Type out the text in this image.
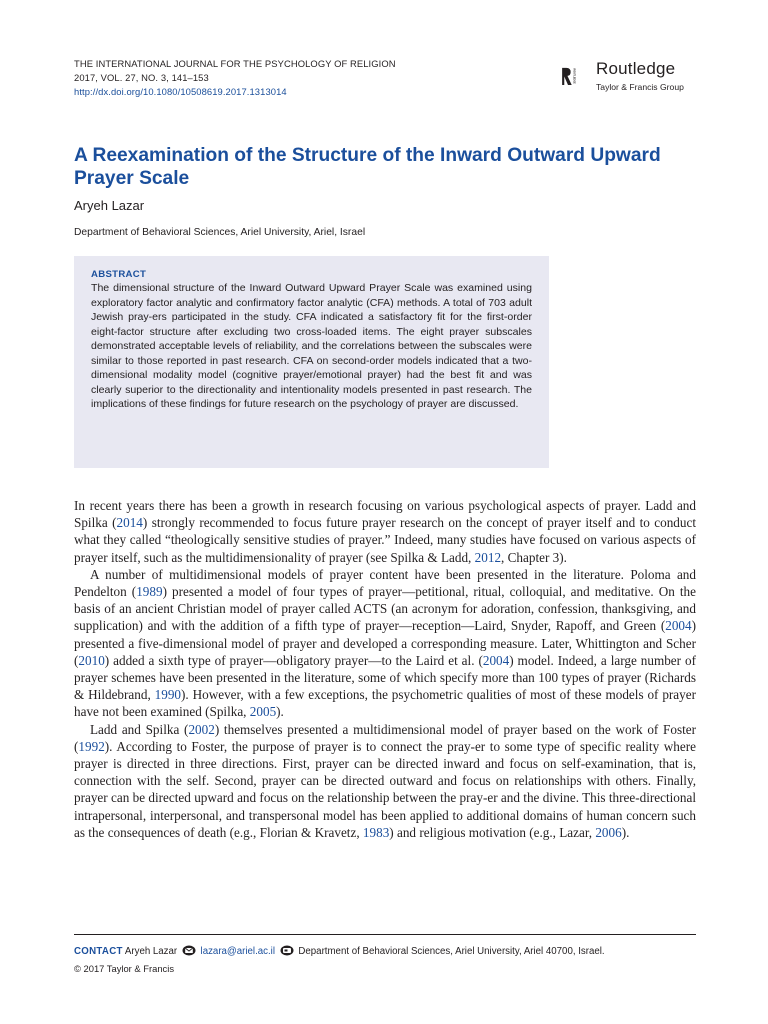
THE INTERNATIONAL JOURNAL FOR THE PSYCHOLOGY OF RELIGION
2017, VOL. 27, NO. 3, 141–153
http://dx.doi.org/10.1080/10508619.2017.1313014
ROUTLEDGE Routledge
Taylor & Francis Group
A Reexamination of the Structure of the Inward Outward Upward Prayer Scale
Aryeh Lazar
Department of Behavioral Sciences, Ariel University, Ariel, Israel
ABSTRACT

The dimensional structure of the Inward Outward Upward Prayer Scale was examined using exploratory factor analytic and confirmatory factor analytic (CFA) methods. A total of 703 adult Jewish pray-ers participated in the study. CFA indicated a satisfactory fit for the first-order eight-factor structure after excluding two cross-loaded items. The eight prayer subscales demonstrated acceptable levels of reliability, and the correlations between the subscales were similar to those reported in past research. CFA on second-order models indicated that a two-dimensional modality model (cognitive prayer/emotional prayer) had the best fit and was clearly superior to the directionality and intentionality models presented in past research. The implications of these findings for future research on the psychology of prayer are discussed.

In recent years there has been a growth in research focusing on various psychological aspects of prayer. Ladd and Spilka (2014) strongly recommended to focus future prayer research on the concept of prayer itself and to conduct what they called “theologically sensitive studies of prayer.” Indeed, many studies have focused on various aspects of prayer itself, such as the multidimensionality of prayer (see Spilka & Ladd, 2012, Chapter 3).

A number of multidimensional models of prayer content have been presented in the literature. Poloma and Pendelton (1989) presented a model of four types of prayer—petitional, ritual, colloquial, and meditative. On the basis of an ancient Christian model of prayer called ACTS (an acronym for adoration, confession, thanksgiving, and supplication) and with the addition of a fifth type of prayer—reception—Laird, Snyder, Rapoff, and Green (2004) presented a five-dimensional model of prayer and developed a corresponding measure. Later, Whittington and Scher (2010) added a sixth type of prayer—obligatory prayer—to the Laird et al. (2004) model. Indeed, a large number of prayer schemes have been presented in the literature, some of which specify more than 100 types of prayer (Richards & Hildebrand, 1990). However, with a few exceptions, the psychometric qualities of most of these models of prayer have not been examined (Spilka, 2005).

Ladd and Spilka (2002) themselves presented a multidimensional model of prayer based on the work of Foster (1992). According to Foster, the purpose of prayer is to connect the pray-er to some type of specific reality where prayer is directed in three directions. First, prayer can be directed inward and focus on self-examination, that is, connection with the self. Second, prayer can be directed outward and focus on relationships with others. Finally, prayer can be directed upward and focus on the relationship between the pray-er and the divine. This three-directional intrapersonal, interpersonal, and transpersonal model has been applied to additional domains of human concern such as the consequences of death (e.g., Florian & Kravetz, 1983) and religious motivation (e.g., Lazar, 2006).

CONTACT Aryeh Lazar lazara@ariel.ac.il Department of Behavioral Sciences, Ariel University, Ariel 40700, Israel.
© 2017 Taylor & Francis
